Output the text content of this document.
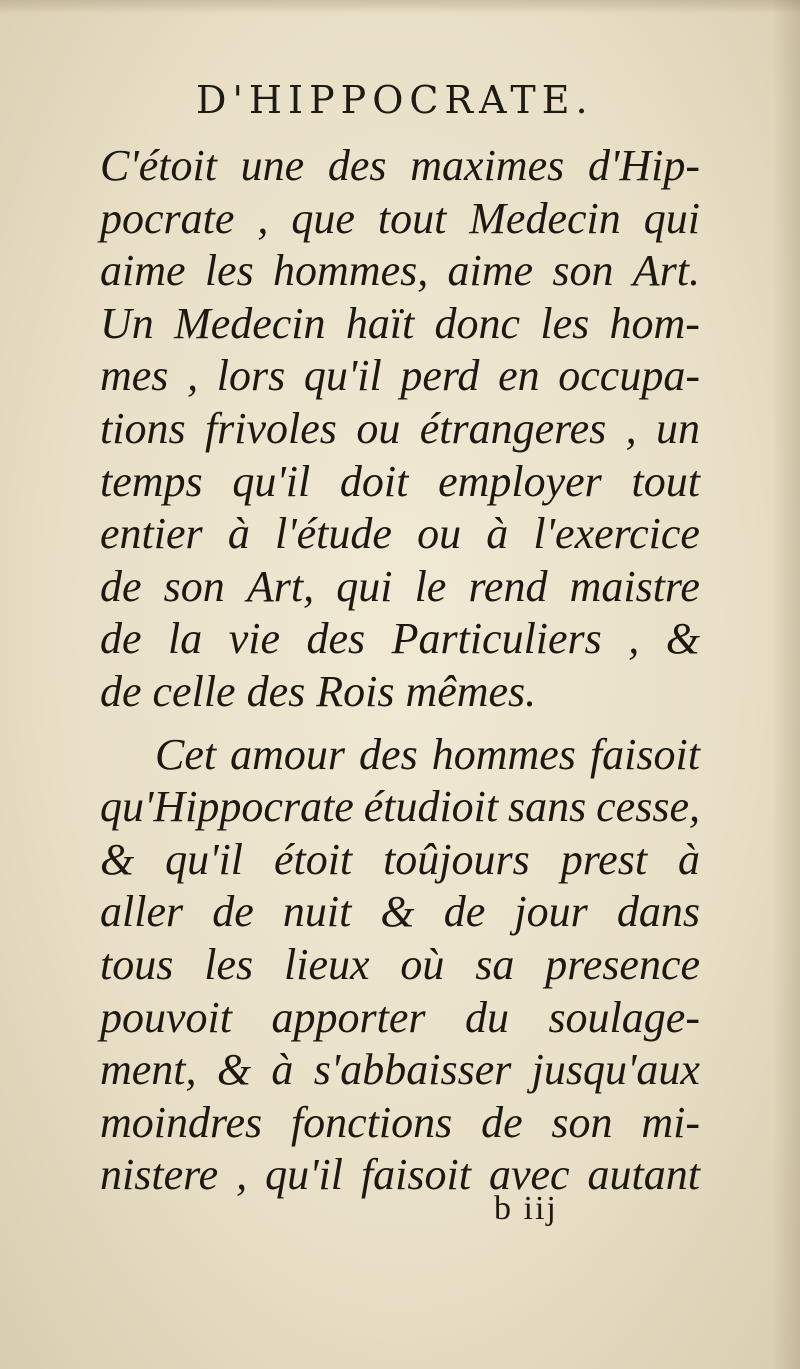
D'HIPPOCRATE.
C'étoit une des maximes d'Hip-
pocrate , que tout Medecin qui
aime les hommes, aime son Art.
Un Medecin haït donc les hom-
mes , lors qu'il perd en occupa-
tions frivoles ou étrangeres , un
temps qu'il doit employer tout
entier à l'étude ou à l'exercice
de son Art, qui le rend maistre
de la vie des Particuliers , &
de celle des Rois mêmes.
Cet amour des hommes faisoit
qu'Hippocrate étudioit sans cesse,
& qu'il étoit toûjours prest à
aller de nuit & de jour dans
tous les lieux où sa presence
pouvoit apporter du soulage-
ment, & à s'abbaisser jusqu'aux
moindres fonctions de son mi-
nistere , qu'il faisoit avec autant
b iij
